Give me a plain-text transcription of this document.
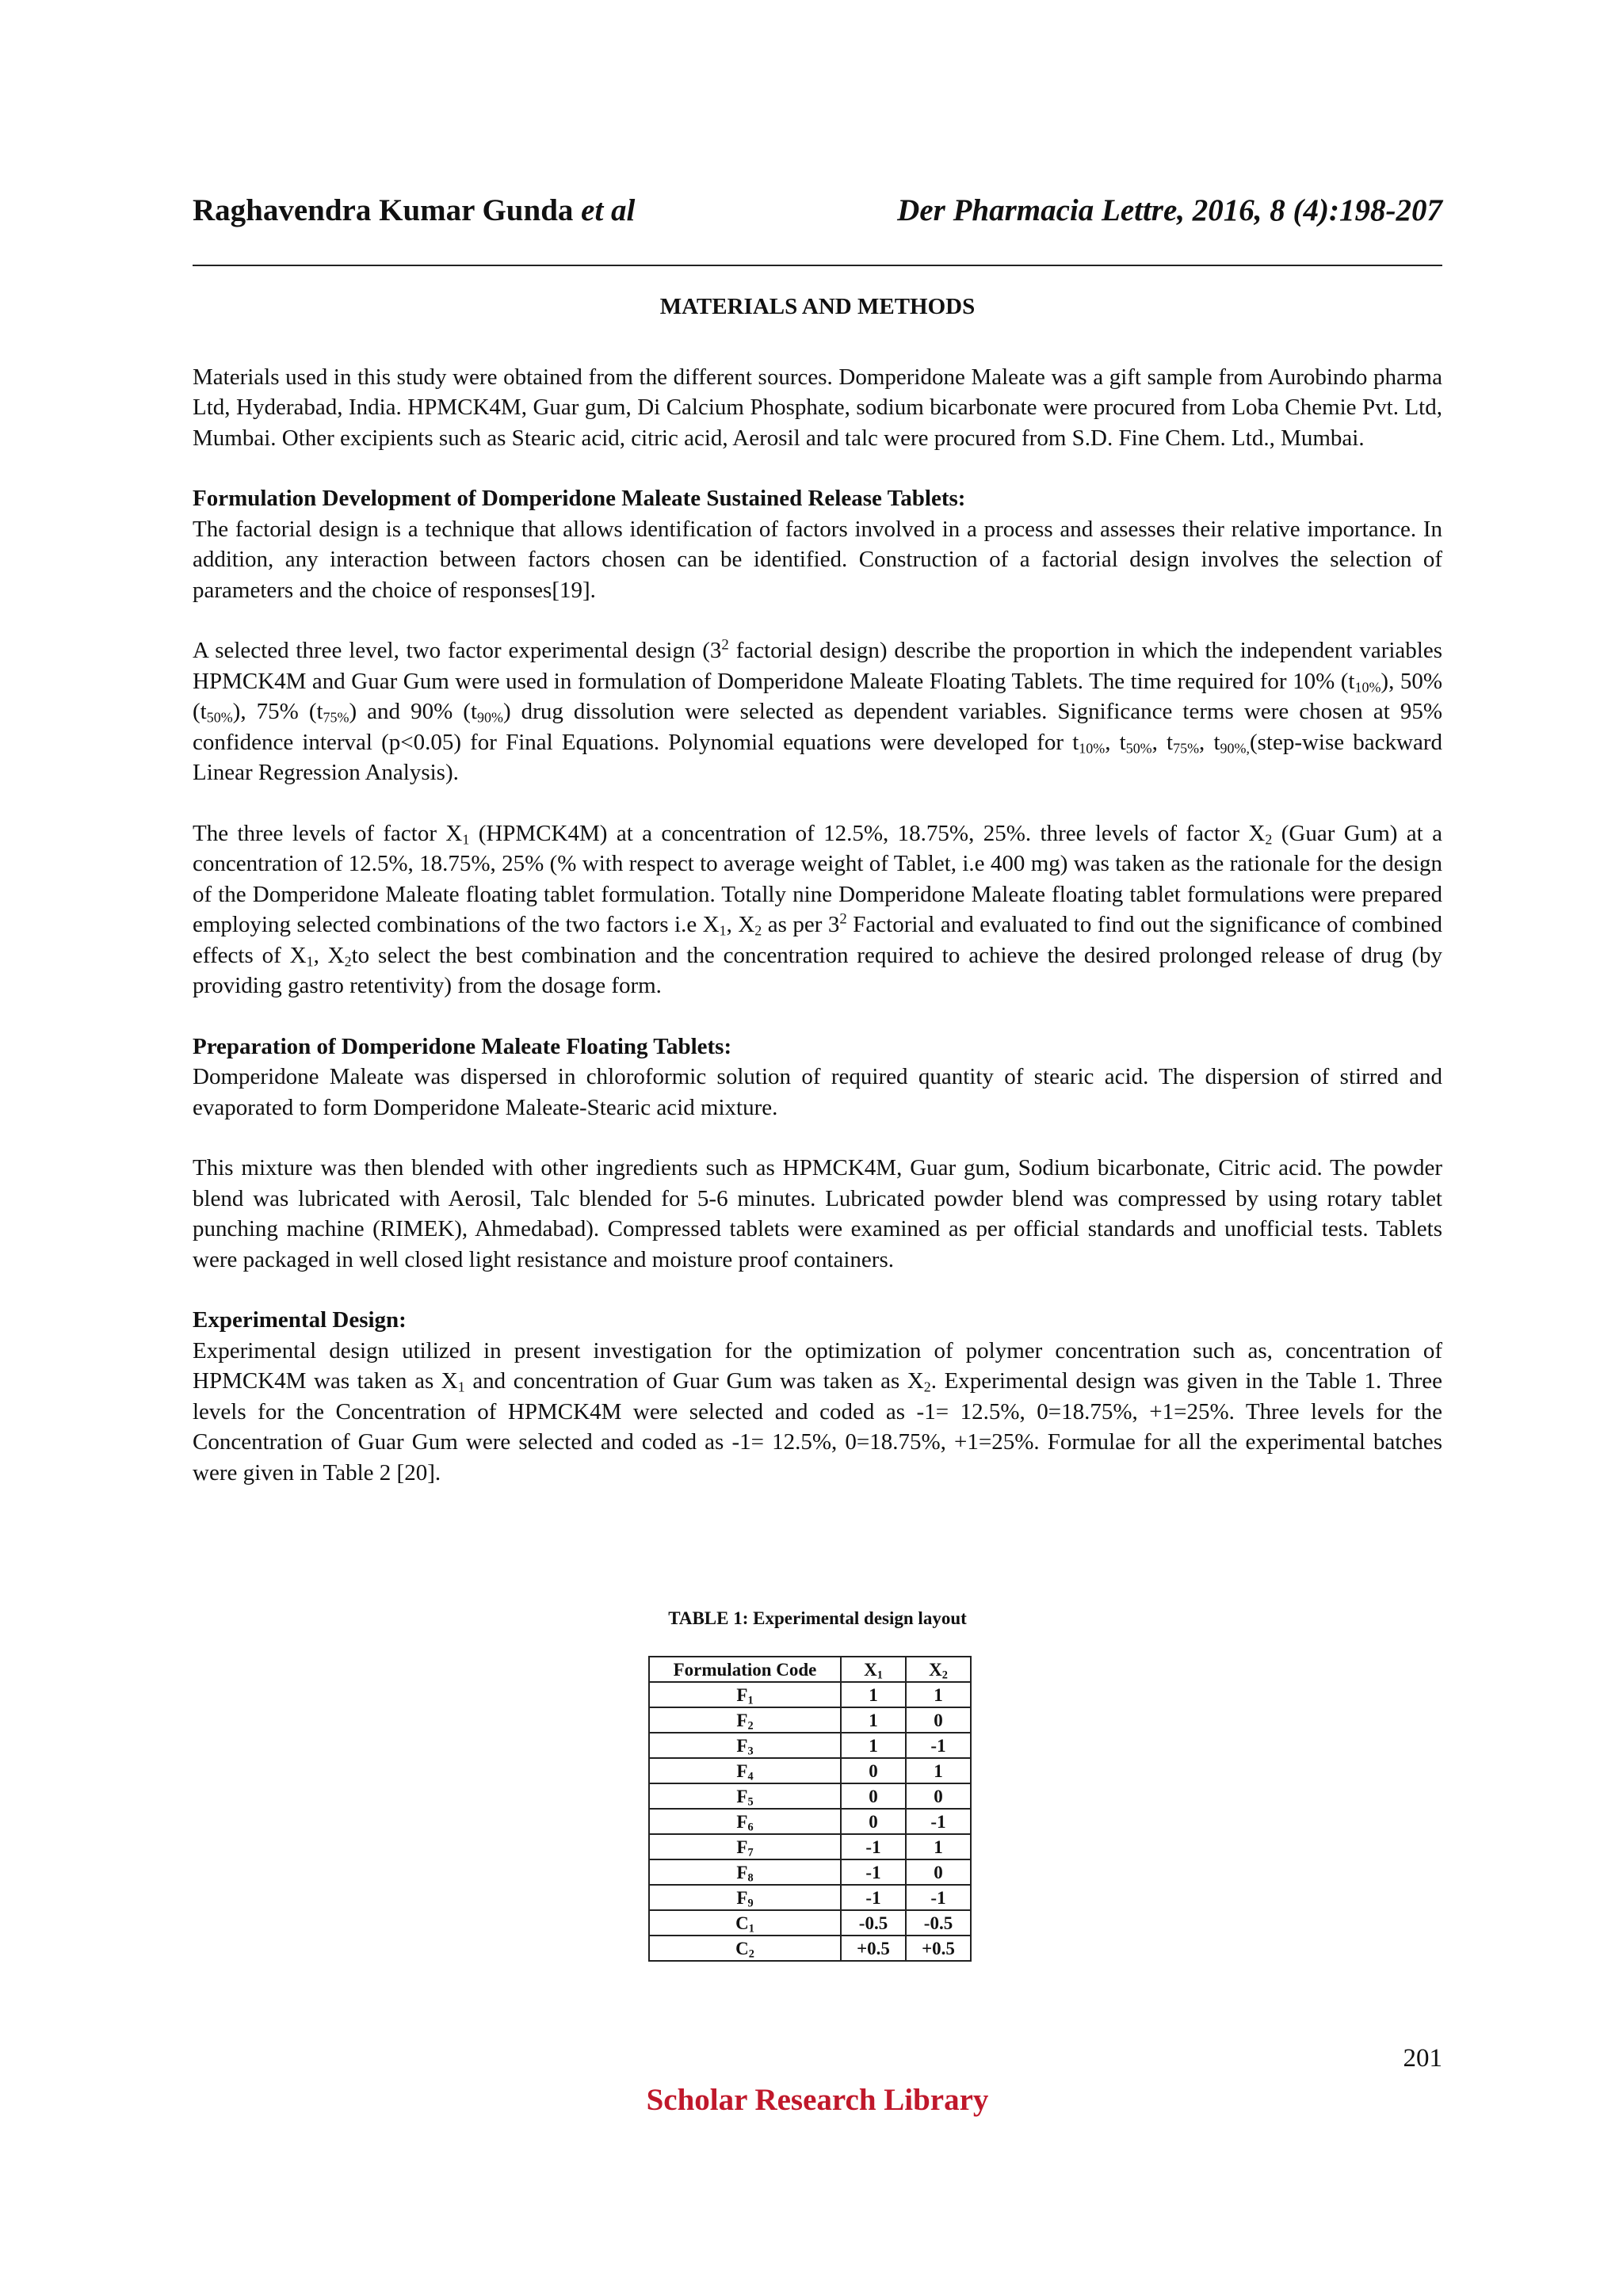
Raghavendra Kumar Gunda et al	Der Pharmacia Lettre, 2016, 8 (4):198-207
MATERIALS AND METHODS

Materials used in this study were obtained from the different sources. Domperidone Maleate was a gift sample from Aurobindo pharma Ltd, Hyderabad, India. HPMCK4M, Guar gum, Di Calcium Phosphate, sodium bicarbonate were procured from Loba Chemie Pvt. Ltd, Mumbai. Other excipients such as Stearic acid, citric acid, Aerosil and talc were procured from S.D. Fine Chem. Ltd., Mumbai.

Formulation Development of Domperidone Maleate Sustained Release Tablets:
The factorial design is a technique that allows identification of factors involved in a process and assesses their relative importance. In addition, any interaction between factors chosen can be identified. Construction of a factorial design involves the selection of parameters and the choice of responses[19].

A selected three level, two factor experimental design ($3^2$ factorial design) describe the proportion in which the independent variables HPMCK4M and Guar Gum were used in formulation of Domperidone Maleate Floating Tablets. The time required for 10% $(t_{10\%})$, 50% $(t_{50\%})$, 75% $(t_{75\%})$ and 90% $(t_{90\%})$ drug dissolution were selected as dependent variables. Significance terms were chosen at 95% confidence interval (p<0.05) for Final Equations. Polynomial equations were developed for $t_{10\%}$, $t_{50\%}$, $t_{75\%}$, $t_{90\%,}(step$-wise backward Linear Regression Analysis).

The three levels of factor $X_1$ (HPMCK4M) at a concentration of 12.5%, 18.75%, 25%. three levels of factor $X_2$ (Guar Gum) at a concentration of 12.5%, 18.75%, 25% (% with respect to average weight of Tablet, i.e 400 mg) was taken as the rationale for the design of the Domperidone Maleate floating tablet formulation. Totally nine Domperidone Maleate floating tablet formulations were prepared employing selected combinations of the two factors i.e $X_1$, $X_2$ as per $3^2$ Factorial and evaluated to find out the significance of combined effects of $X_1$, $X_2to$ select the best combination and the concentration required to achieve the desired prolonged release of drug (by providing gastro retentivity) from the dosage form.

Preparation of Domperidone Maleate Floating Tablets:
Domperidone Maleate was dispersed in chloroformic solution of required quantity of stearic acid. The dispersion of stirred and evaporated to form Domperidone Maleate-Stearic acid mixture.

This mixture was then blended with other ingredients such as HPMCK4M, Guar gum, Sodium bicarbonate, Citric acid. The powder blend was lubricated with Aerosil, Talc blended for 5-6 minutes. Lubricated powder blend was compressed by using rotary tablet punching machine (RIMEK), Ahmedabad). Compressed tablets were examined as per official standards and unofficial tests. Tablets were packaged in well closed light resistance and moisture proof containers.

Experimental Design:
Experimental design utilized in present investigation for the optimization of polymer concentration such as, concentration of HPMCK4M was taken as $X_1$ and concentration of Guar Gum was taken as $X_2$. Experimental design was given in the Table 1. Three levels for the Concentration of HPMCK4M were selected and coded as -1= 12.5%, 0=18.75%, +1=25%. Three levels for the Concentration of Guar Gum were selected and coded as -1= 12.5%, 0=18.75%, +1=25%. Formulae for all the experimental batches were given in Table 2 [20].

TABLE 1: Experimental design layout
Formulation Code	$X_1$	$X_2$
$F_1$	1	1
$F_2$	1	0
$F_3$	1	-1
$F_4$	0	1
$F_5$	0	0
$F_6$	0	-1
$F_7$	-1	1
$F_8$	-1	0
$F_9$	-1	-1
$C_1$	-0.5	-0.5
$C_2$	+0.5	+0.5
201
Scholar Research Library
